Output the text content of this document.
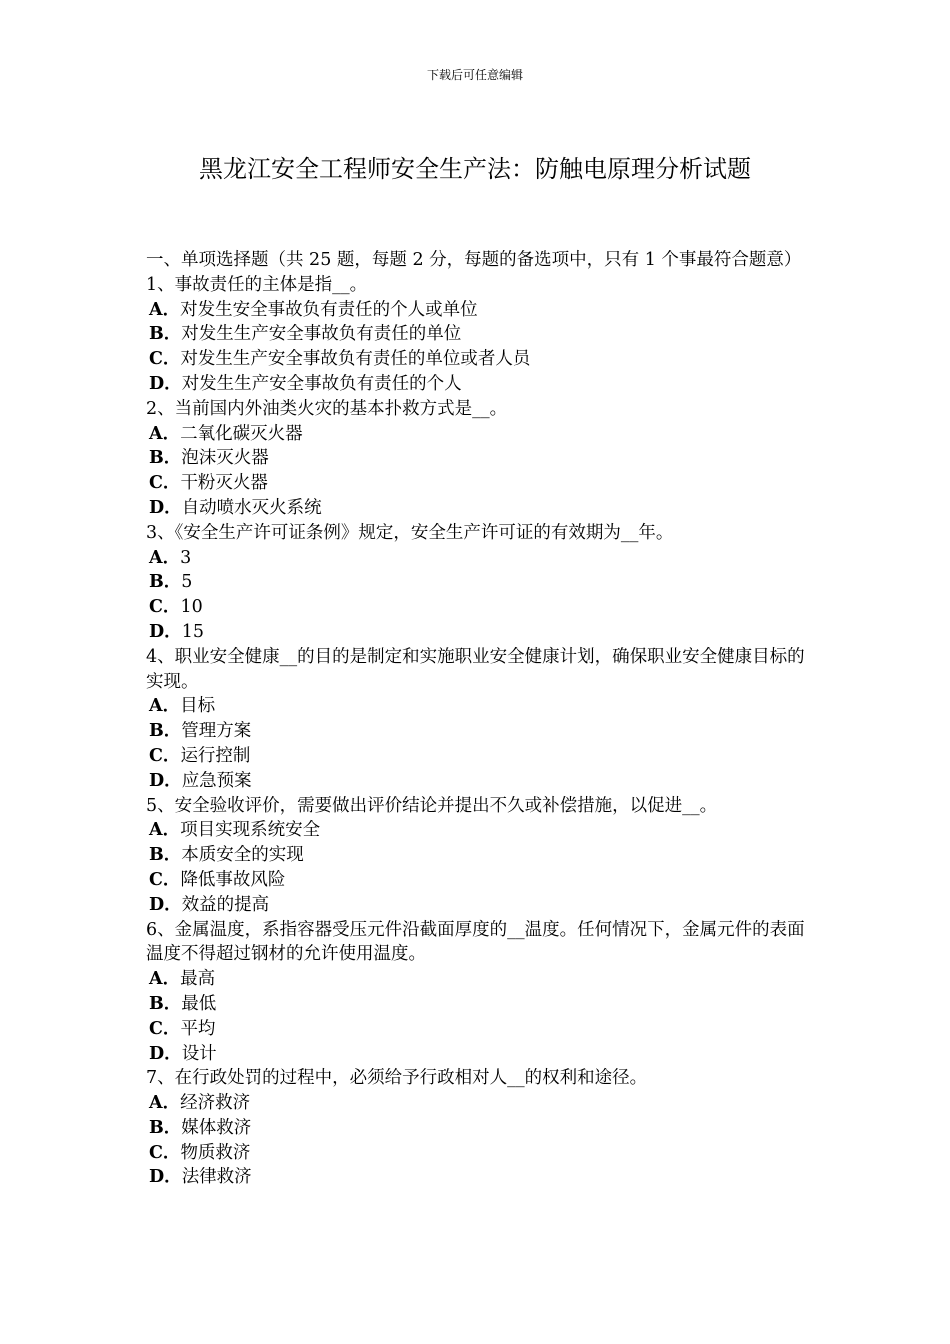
下载后可任意编辑
黑龙江安全工程师安全生产法：防触电原理分析试题

一、单项选择题（共 25 题，每题 2 分，每题的备选项中，只有 1 个事最符合题意）

1、事故责任的主体是指__。

A．对发生安全事故负有责任的个人或单位

B．对发生生产安全事故负有责任的单位

C．对发生生产安全事故负有责任的单位或者人员

D．对发生生产安全事故负有责任的个人

2、当前国内外油类火灾的基本扑救方式是__。

A．二氧化碳灭火器

B．泡沫灭火器

C．干粉灭火器

D．自动喷水灭火系统

3、《安全生产许可证条例》规定，安全生产许可证的有效期为__年。

A．3

B．5

C．10

D．15

4、职业安全健康__的目的是制定和实施职业安全健康计划，确保职业安全健康目标的实现。

A．目标

B．管理方案

C．运行控制

D．应急预案

5、安全验收评价，需要做出评价结论并提出不久或补偿措施，以促进__。

A．项目实现系统安全

B．本质安全的实现

C．降低事故风险

D．效益的提高

6、金属温度，系指容器受压元件沿截面厚度的__温度。任何情况下，金属元件的表面温度不得超过钢材的允许使用温度。

A．最高

B．最低

C．平均

D．设计

7、在行政处罚的过程中，必须给予行政相对人__的权利和途径。

A．经济救济

B．媒体救济

C．物质救济

D．法律救济
